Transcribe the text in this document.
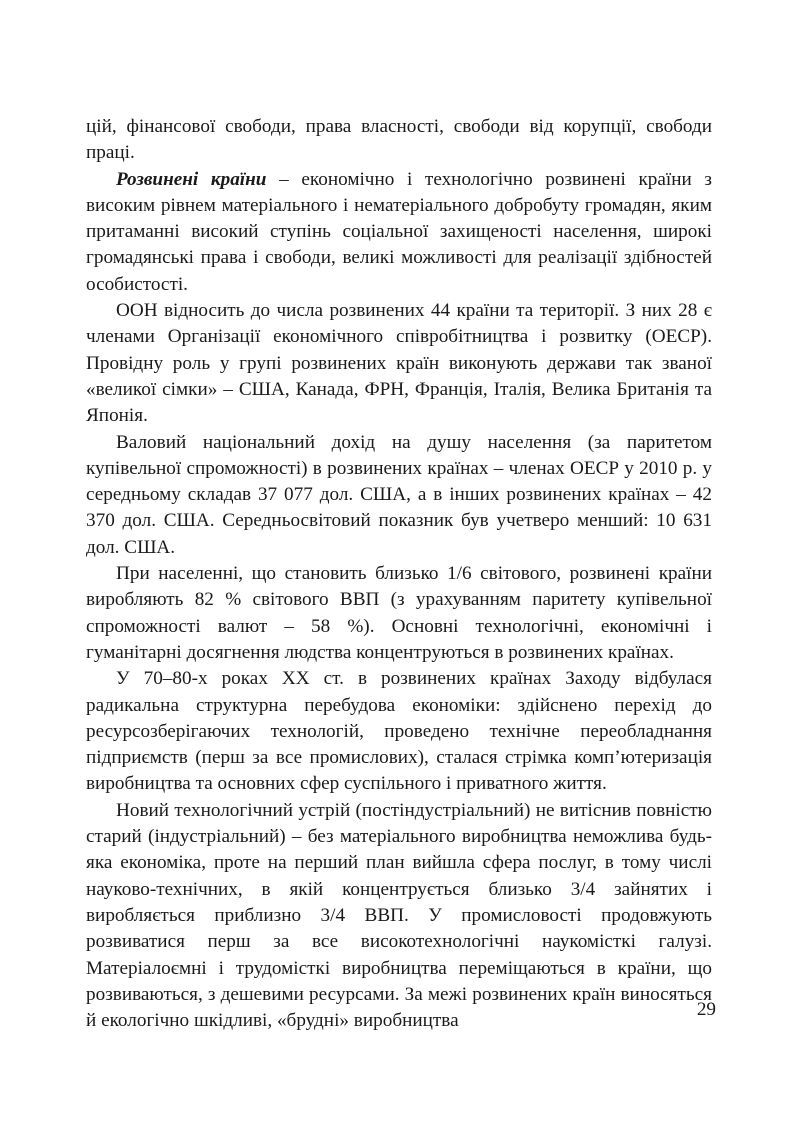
цій, фінансової свободи, права власності, свободи від корупції, свободи праці.

Розвинені країни – економічно і технологічно розвинені країни з високим рівнем матеріального і нематеріального добробуту громадян, яким притаманні високий ступінь соціальної захищеності населення, широкі громадянські права і свободи, великі можливості для реалізації здібностей особистості.

ООН відносить до числа розвинених 44 країни та території. З них 28 є членами Організації економічного співробітництва і розвитку (ОЕСР). Провідну роль у групі розвинених країн виконують держави так званої «великої сімки» – США, Канада, ФРН, Франція, Італія, Велика Британія та Японія.

Валовий національний дохід на душу населення (за паритетом купівельної спроможності) в розвинених країнах – членах ОЕСР у 2010 р. у середньому складав 37 077 дол. США, а в інших розвинених країнах – 42 370 дол. США. Середньосвітовий показник був учетверо менший: 10 631 дол. США.

При населенні, що становить близько 1/6 світового, розвинені країни виробляють 82 % світового ВВП (з урахуванням паритету купівельної спроможності валют – 58 %). Основні технологічні, економічні і гуманітарні досягнення людства концентруються в розвинених країнах.

У 70–80-х роках ХХ ст. в розвинених країнах Заходу відбулася радикальна структурна перебудова економіки: здійснено перехід до ресурсозберігаючих технологій, проведено технічне переобладнання підприємств (перш за все промислових), сталася стрімка комп’ютеризація виробництва та основних сфер суспільного і приватного життя.

Новий технологічний устрій (постіндустріальний) не витіснив повністю старий (індустріальний) – без матеріального виробництва неможлива будь-яка економіка, проте на перший план вийшла сфера послуг, в тому числі науково-технічних, в якій концентрується близько 3/4 зайнятих і виробляється приблизно 3/4 ВВП. У промисловості продовжують розвиватися перш за все високотехнологічні наукомісткі галузі. Матеріалоємні і трудомісткі виробництва переміщаються в країни, що розвиваються, з дешевими ресурсами. За межі розвинених країн виносяться й екологічно шкідливі, «брудні» виробництва

29
